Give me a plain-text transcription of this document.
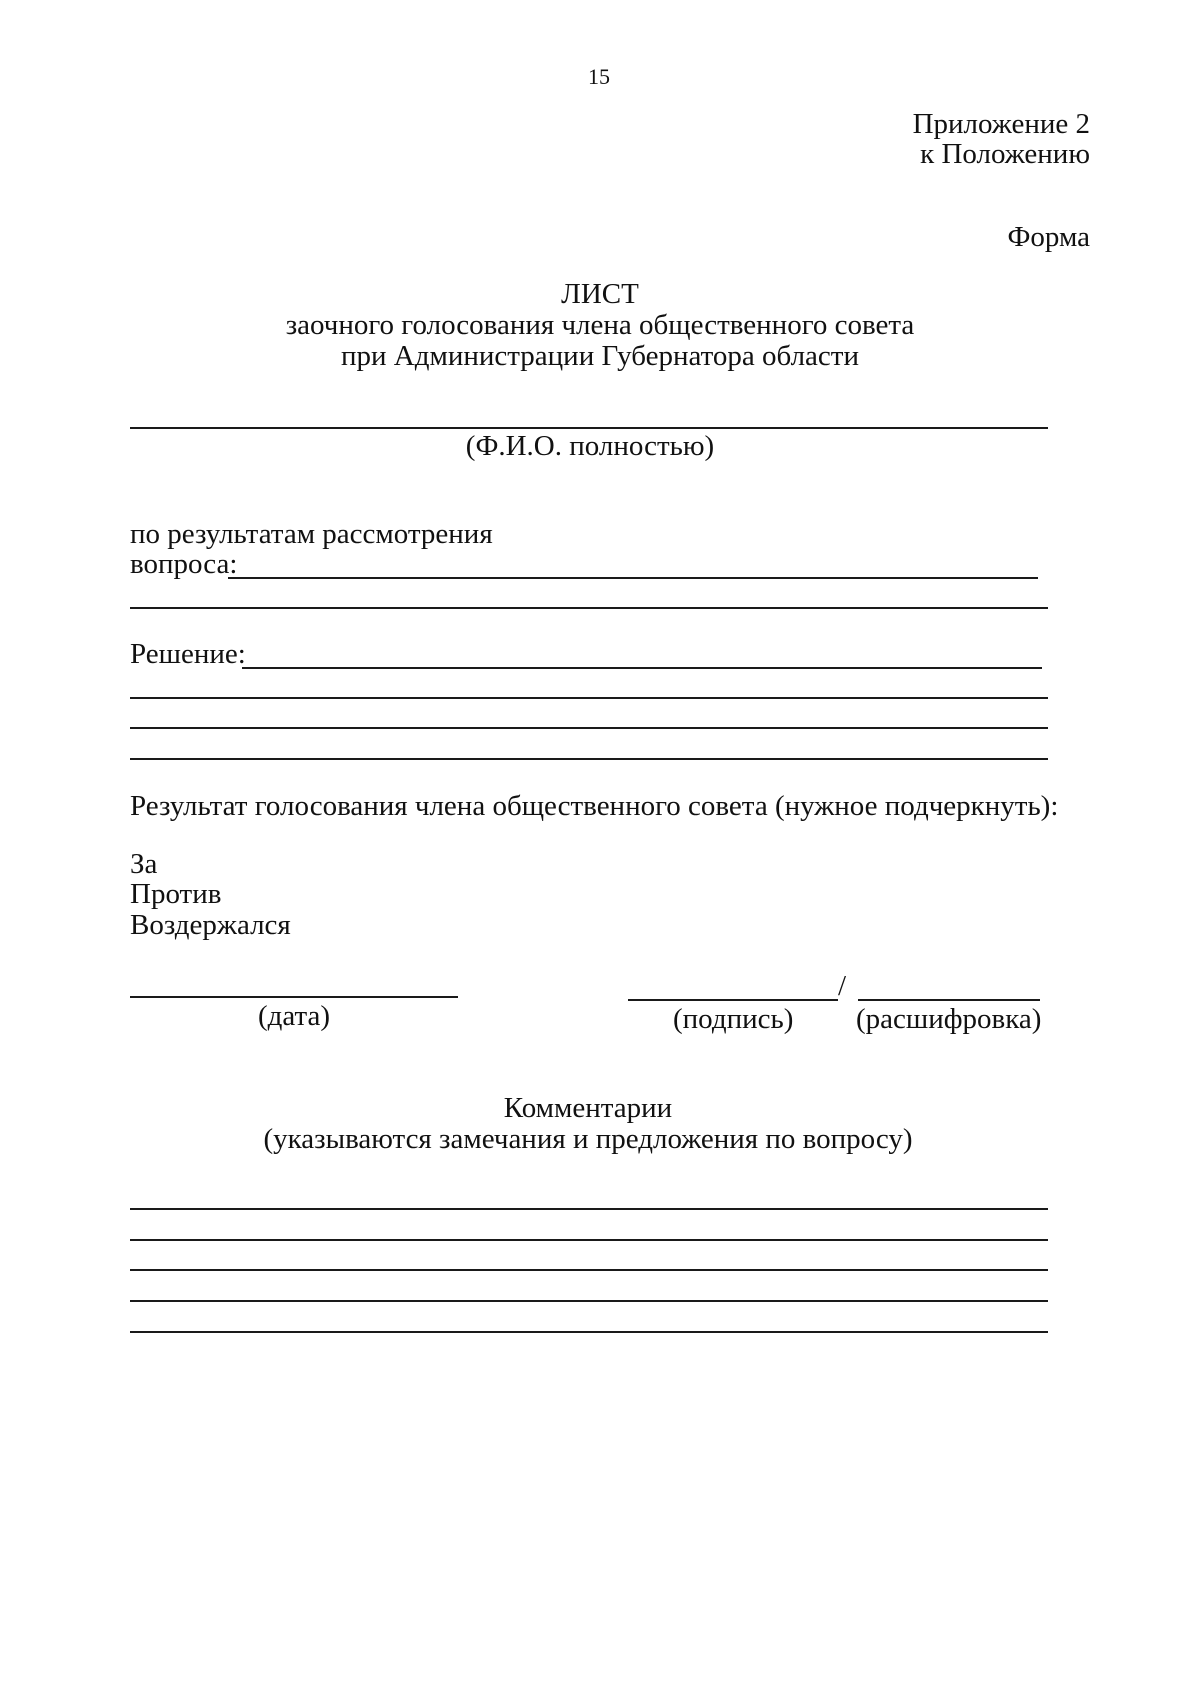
15
Приложение 2
к Положению
Форма
ЛИСТ
заочного голосования члена общественного совета
при Администрации Губернатора области
(Ф.И.О. полностью)
по результатам рассмотрения
вопроса:
Решение:
Результат голосования члена общественного совета (нужное подчеркнуть):
За
Против
Воздержался
(дата)
/
(подпись) (расшифровка)
Комментарии
(указываются замечания и предложения по вопросу)
